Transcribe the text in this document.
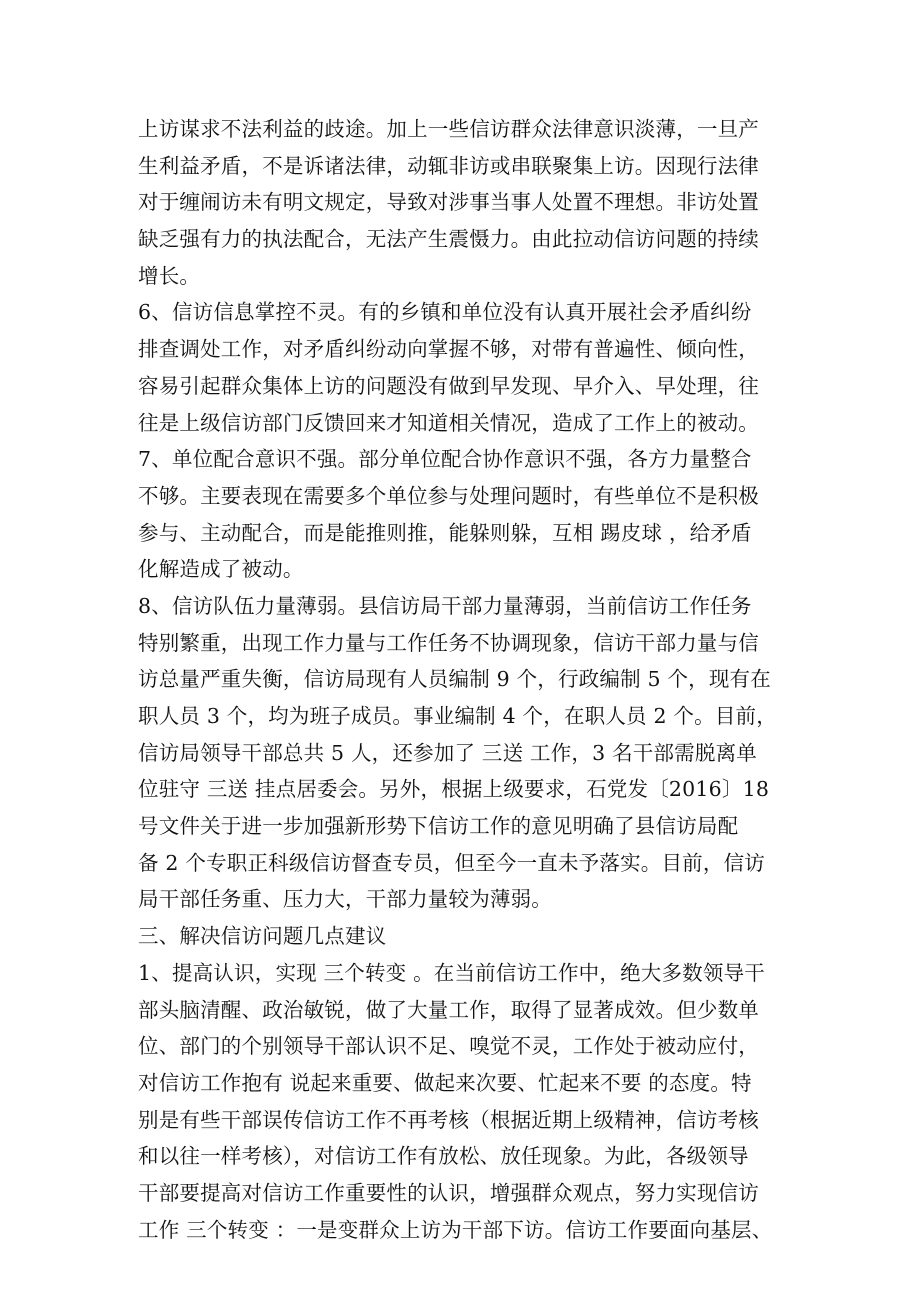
上访谋求不法利益的歧途。加上一些信访群众法律意识淡薄，一旦产
生利益矛盾，不是诉诸法律，动辄非访或串联聚集上访。因现行法律
对于缠闹访未有明文规定，导致对涉事当事人处置不理想。非访处置
缺乏强有力的执法配合，无法产生震慑力。由此拉动信访问题的持续
增长。
6、信访信息掌控不灵。有的乡镇和单位没有认真开展社会矛盾纠纷
排查调处工作，对矛盾纠纷动向掌握不够，对带有普遍性、倾向性，
容易引起群众集体上访的问题没有做到早发现、早介入、早处理，往
往是上级信访部门反馈回来才知道相关情况，造成了工作上的被动。
7、单位配合意识不强。部分单位配合协作意识不强，各方力量整合
不够。主要表现在需要多个单位参与处理问题时，有些单位不是积极
参与、主动配合，而是能推则推，能躲则躲，互相 踢皮球 ，给矛盾
化解造成了被动。
8、信访队伍力量薄弱。县信访局干部力量薄弱，当前信访工作任务
特别繁重，出现工作力量与工作任务不协调现象，信访干部力量与信
访总量严重失衡，信访局现有人员编制 9 个，行政编制 5 个，现有在
职人员 3 个，均为班子成员。事业编制 4 个，在职人员 2 个。目前，
信访局领导干部总共 5 人，还参加了 三送 工作，3 名干部需脱离单
位驻守 三送 挂点居委会。另外，根据上级要求，石党发〔2016〕18
号文件关于进一步加强新形势下信访工作的意见明确了县信访局配
备 2 个专职正科级信访督查专员，但至今一直未予落实。目前，信访
局干部任务重、压力大，干部力量较为薄弱。
三、解决信访问题几点建议
1、提高认识，实现 三个转变 。在当前信访工作中，绝大多数领导干
部头脑清醒、政治敏锐，做了大量工作，取得了显著成效。但少数单
位、部门的个别领导干部认识不足、嗅觉不灵，工作处于被动应付，
对信访工作抱有 说起来重要、做起来次要、忙起来不要 的态度。特
别是有些干部误传信访工作不再考核（根据近期上级精神，信访考核
和以往一样考核），对信访工作有放松、放任现象。为此，各级领导
干部要提高对信访工作重要性的认识，增强群众观点，努力实现信访
工作 三个转变 ：一是变群众上访为干部下访。信访工作要面向基层、
